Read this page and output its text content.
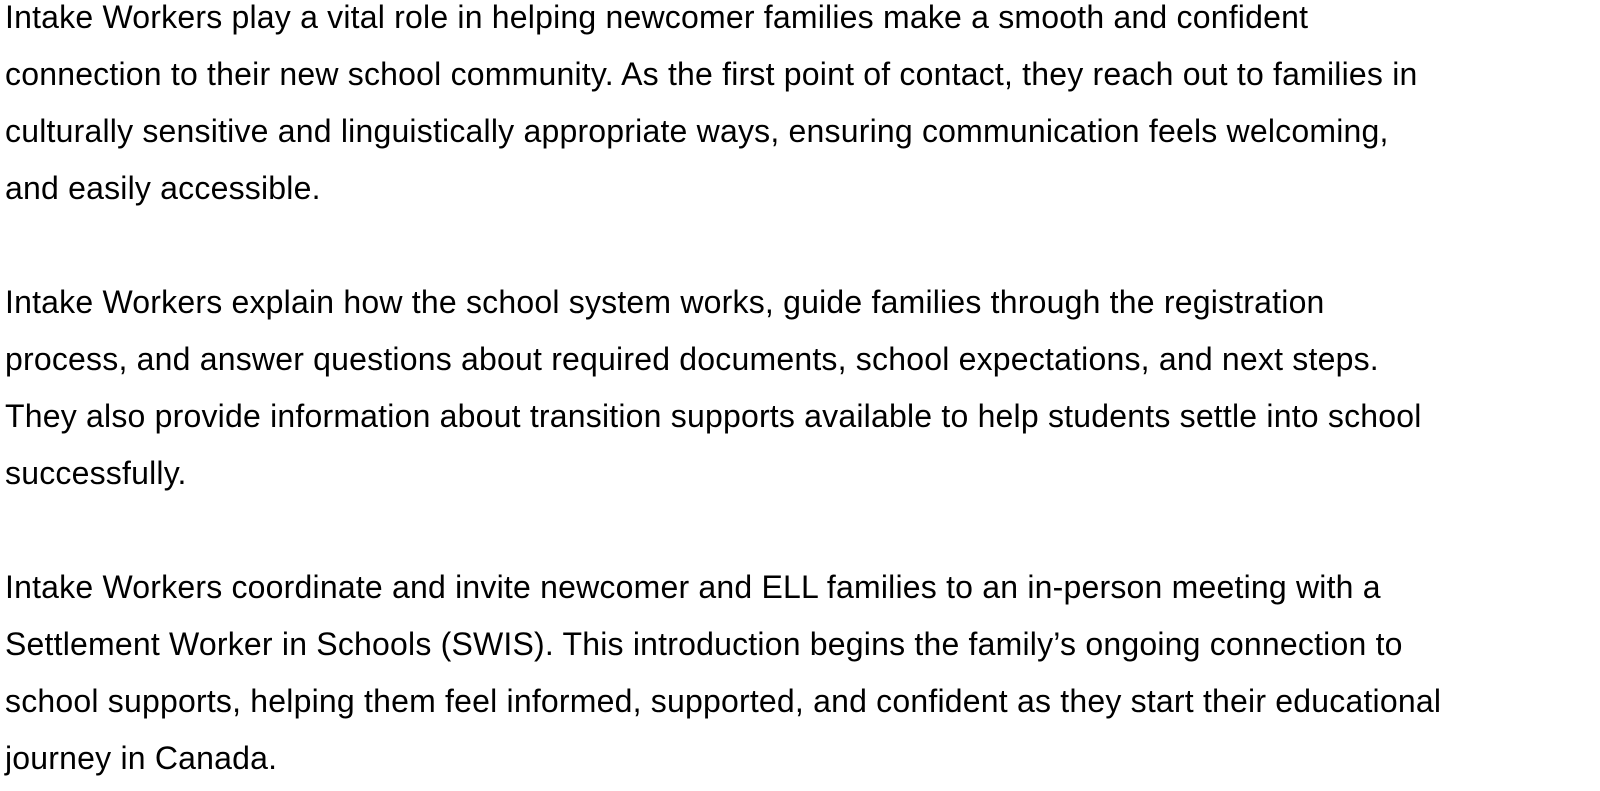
Intake Workers play a vital role in helping newcomer families make a smooth and confident
connection to their new school community. As the first point of contact, they reach out to families in
culturally sensitive and linguistically appropriate ways, ensuring communication feels welcoming,
and easily accessible.
Intake Workers explain how the school system works, guide families through the registration
process, and answer questions about required documents, school expectations, and next steps.
They also provide information about transition supports available to help students settle into school
successfully.
Intake Workers coordinate and invite newcomer and ELL families to an in-person meeting with a
Settlement Worker in Schools (SWIS). This introduction begins the family’s ongoing connection to
school supports, helping them feel informed, supported, and confident as they start their educational
journey in Canada.
